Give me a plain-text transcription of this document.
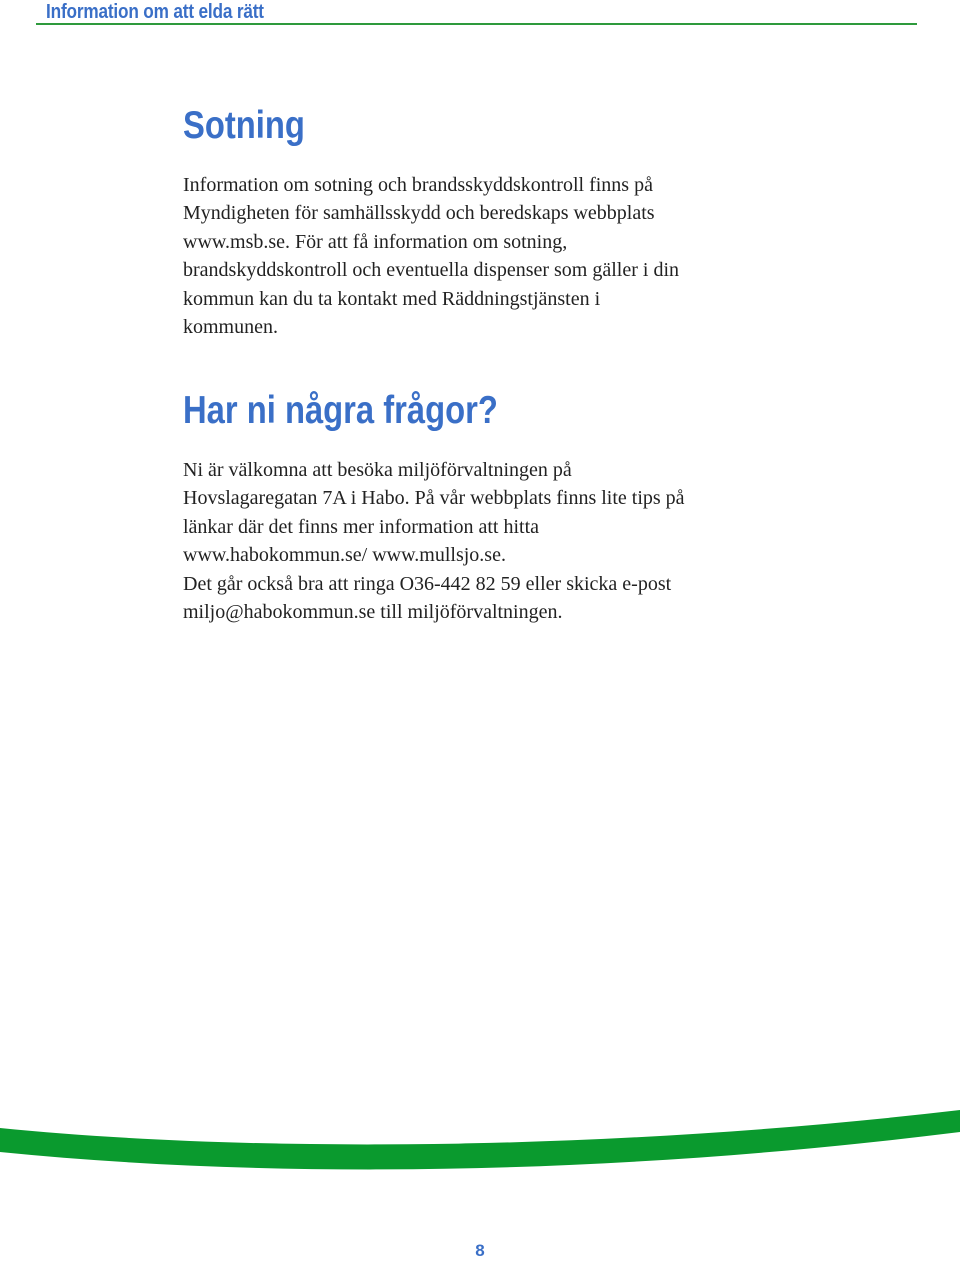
Information om att elda rätt
Sotning
Information om sotning och brandsskyddskontroll finns på
Myndigheten för samhällsskydd och beredskaps webbplats
www.msb.se. För att få information om sotning,
brandskyddskontroll och eventuella dispenser som gäller i din
kommun kan du ta kontakt med Räddningstjänsten i
kommunen.
Har ni några frågor?
Ni är välkomna att besöka miljöförvaltningen på
Hovslagaregatan 7A i Habo. På vår webbplats finns lite tips på
länkar där det finns mer information att hitta
www.habokommun.se/ www.mullsjo.se.
Det går också bra att ringa O36-442 82 59 eller skicka e-post
miljo@habokommun.se till miljöförvaltningen.
8
